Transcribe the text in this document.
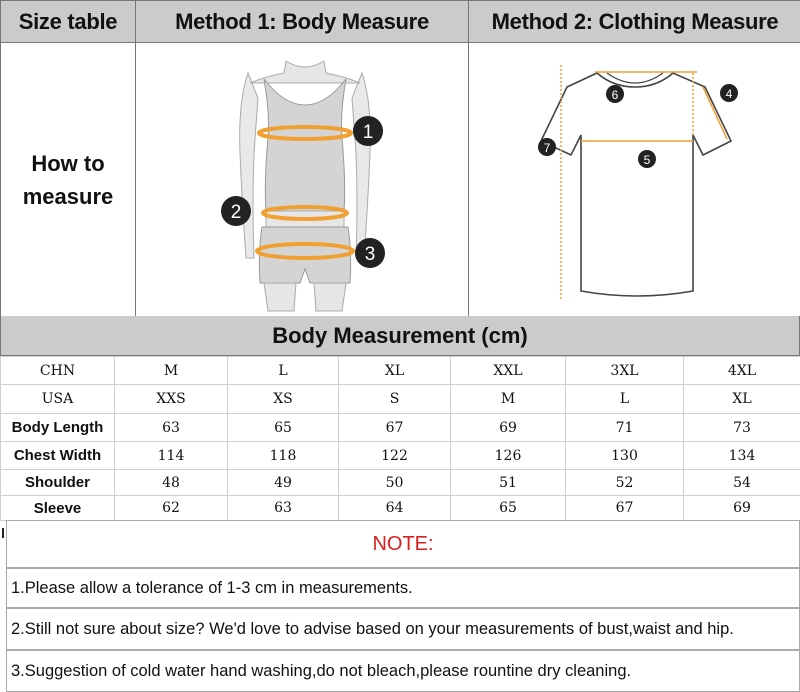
Size table	Method 1: Body Measure	Method 2: Clothing Measure
How to measure
1
2
3
4
5
6
7
Body Measurement (cm)
CHN	M	L	XL	XXL	3XL	4XL
USA	XXS	XS	S	M	L	XL
Body Length	63	65	67	69	71	73
Chest Width	114	118	122	126	130	134
Shoulder	48	49	50	51	52	54
Sleeve	62	63	64	65	67	69
NOTE:
1.Please allow a tolerance of 1-3 cm in measurements.
2.Still not sure about size? We'd love to advise based on your measurements of bust,waist and hip.
3.Suggestion of cold water hand washing,do not bleach,please rountine dry cleaning.
